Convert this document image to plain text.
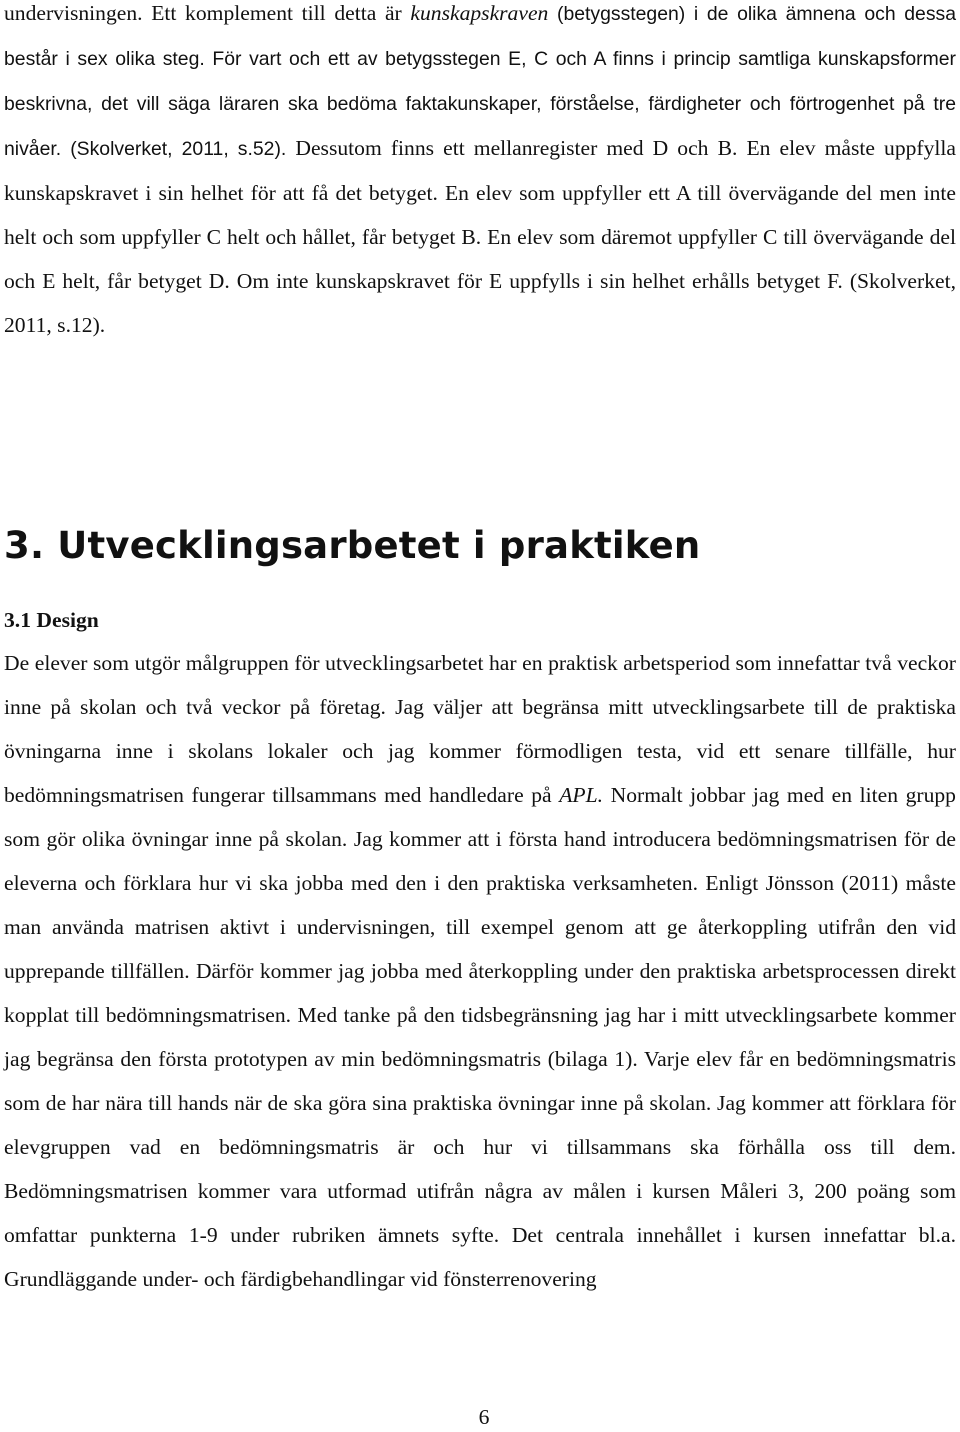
undervisningen. Ett komplement till detta är kunskapskraven (betygsstegen) i de olika ämnena och dessa består i sex olika steg. För vart och ett av betygsstegen E, C och A finns i princip samtliga kunskapsformer beskrivna, det vill säga läraren ska bedöma faktakunskaper, förståelse, färdigheter och förtrogenhet på tre nivåer. (Skolverket, 2011, s.52). Dessutom finns ett mellanregister med D och B. En elev måste uppfylla kunskapskravet i sin helhet för att få det betyget. En elev som uppfyller ett A till övervägande del men inte helt och som uppfyller C helt och hållet, får betyget B. En elev som däremot uppfyller C till övervägande del och E helt, får betyget D. Om inte kunskapskravet för E uppfylls i sin helhet erhålls betyget F. (Skolverket, 2011, s.12).

3. Utvecklingsarbetet i praktiken
3.1 Design

De elever som utgör målgruppen för utvecklingsarbetet har en praktisk arbetsperiod som innefattar två veckor inne på skolan och två veckor på företag. Jag väljer att begränsa mitt utvecklingsarbete till de praktiska övningarna inne i skolans lokaler och jag kommer förmodligen testa, vid ett senare tillfälle, hur bedömningsmatrisen fungerar tillsammans med handledare på APL. Normalt jobbar jag med en liten grupp som gör olika övningar inne på skolan. Jag kommer att i första hand introducera bedömningsmatrisen för de eleverna och förklara hur vi ska jobba med den i den praktiska verksamheten. Enligt Jönsson (2011) måste man använda matrisen aktivt i undervisningen, till exempel genom att ge återkoppling utifrån den vid upprepande tillfällen. Därför kommer jag jobba med återkoppling under den praktiska arbetsprocessen direkt kopplat till bedömningsmatrisen. Med tanke på den tidsbegränsning jag har i mitt utvecklingsarbete kommer jag begränsa den första prototypen av min bedömningsmatris (bilaga 1). Varje elev får en bedömningsmatris som de har nära till hands när de ska göra sina praktiska övningar inne på skolan. Jag kommer att förklara för elevgruppen vad en bedömningsmatris är och hur vi tillsammans ska förhålla oss till dem. Bedömningsmatrisen kommer vara utformad utifrån några av målen i kursen Måleri 3, 200 poäng som omfattar punkterna 1-9 under rubriken ämnets syfte. Det centrala innehållet i kursen innefattar bl.a. Grundläggande under- och färdigbehandlingar vid fönsterrenovering

6
